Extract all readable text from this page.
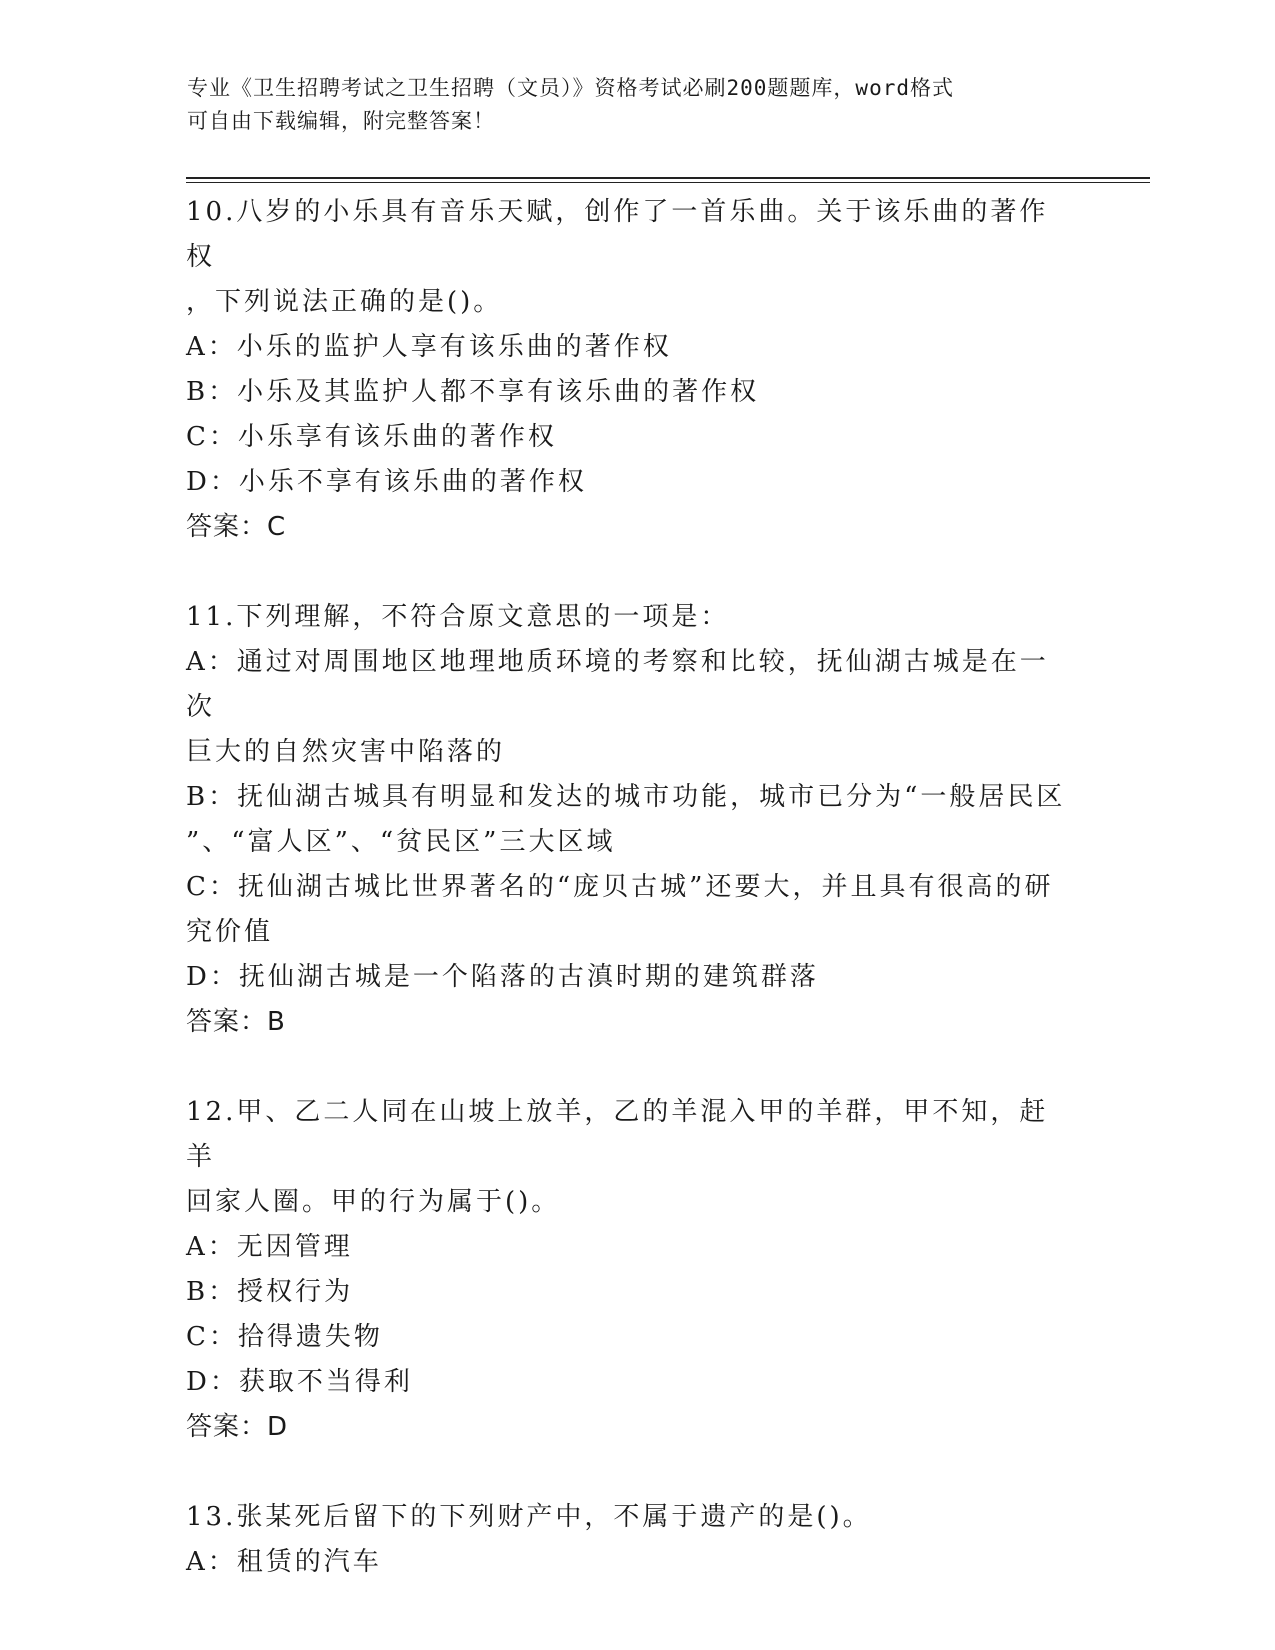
专业《卫生招聘考试之卫生招聘（文员）》资格考试必刷200题题库，word格式
可自由下载编辑，附完整答案！
10.八岁的小乐具有音乐天赋，创作了一首乐曲。关于该乐曲的著作权
，下列说法正确的是()。
A：小乐的监护人享有该乐曲的著作权
B：小乐及其监护人都不享有该乐曲的著作权
C：小乐享有该乐曲的著作权
D：小乐不享有该乐曲的著作权
答案：C
11.下列理解，不符合原文意思的一项是：
A：通过对周围地区地理地质环境的考察和比较，抚仙湖古城是在一次
巨大的自然灾害中陷落的
B：抚仙湖古城具有明显和发达的城市功能，城市已分为“一般居民区
”、“富人区”、“贫民区”三大区域
C：抚仙湖古城比世界著名的“庞贝古城”还要大，并且具有很高的研
究价值
D：抚仙湖古城是一个陷落的古滇时期的建筑群落
答案：B
12.甲、乙二人同在山坡上放羊，乙的羊混入甲的羊群，甲不知，赶羊
回家人圈。甲的行为属于()。
A：无因管理
B：授权行为
C：拾得遗失物
D：获取不当得利
答案：D
13.张某死后留下的下列财产中，不属于遗产的是()。
A：租赁的汽车
